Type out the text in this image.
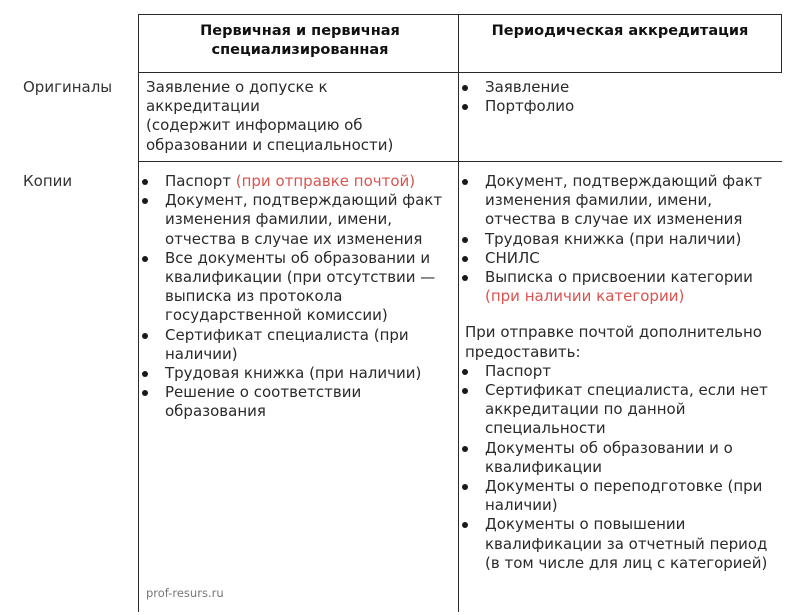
Первичная и первичная специализированная
Периодическая аккредитация
Оригиналы
Копии

Заявление о допуске к аккредитации

(содержит информацию об образовании и специальности)

Заявление
Портфолио
Паспорт (при отправке почтой)
Документ, подтверждающий факт изменения фамилии, имени, отчества в случае их изменения
Все документы об образовании и квалификации (при отсутствии — выписка из протокола государственной комиссии)
Сертификат специалиста (при наличии)
Трудовая книжка (при наличии)
Решение о соответствии образования
Документ, подтверждающий факт изменения фамилии, имени, отчества в случае их изменения
Трудовая книжка (при наличии)
СНИЛС
Выписка о присвоении категории (при наличии категории)

При отправке почтой дополнительно предоставить:

Паспорт
Сертификат специалиста, если нет аккредитации по данной специальности
Документы об образовании и о квалификации
Документы о переподготовке (при наличии)
Документы о повышении квалификации за отчетный период (в том числе для лиц с категорией)
prof-resurs.ru
